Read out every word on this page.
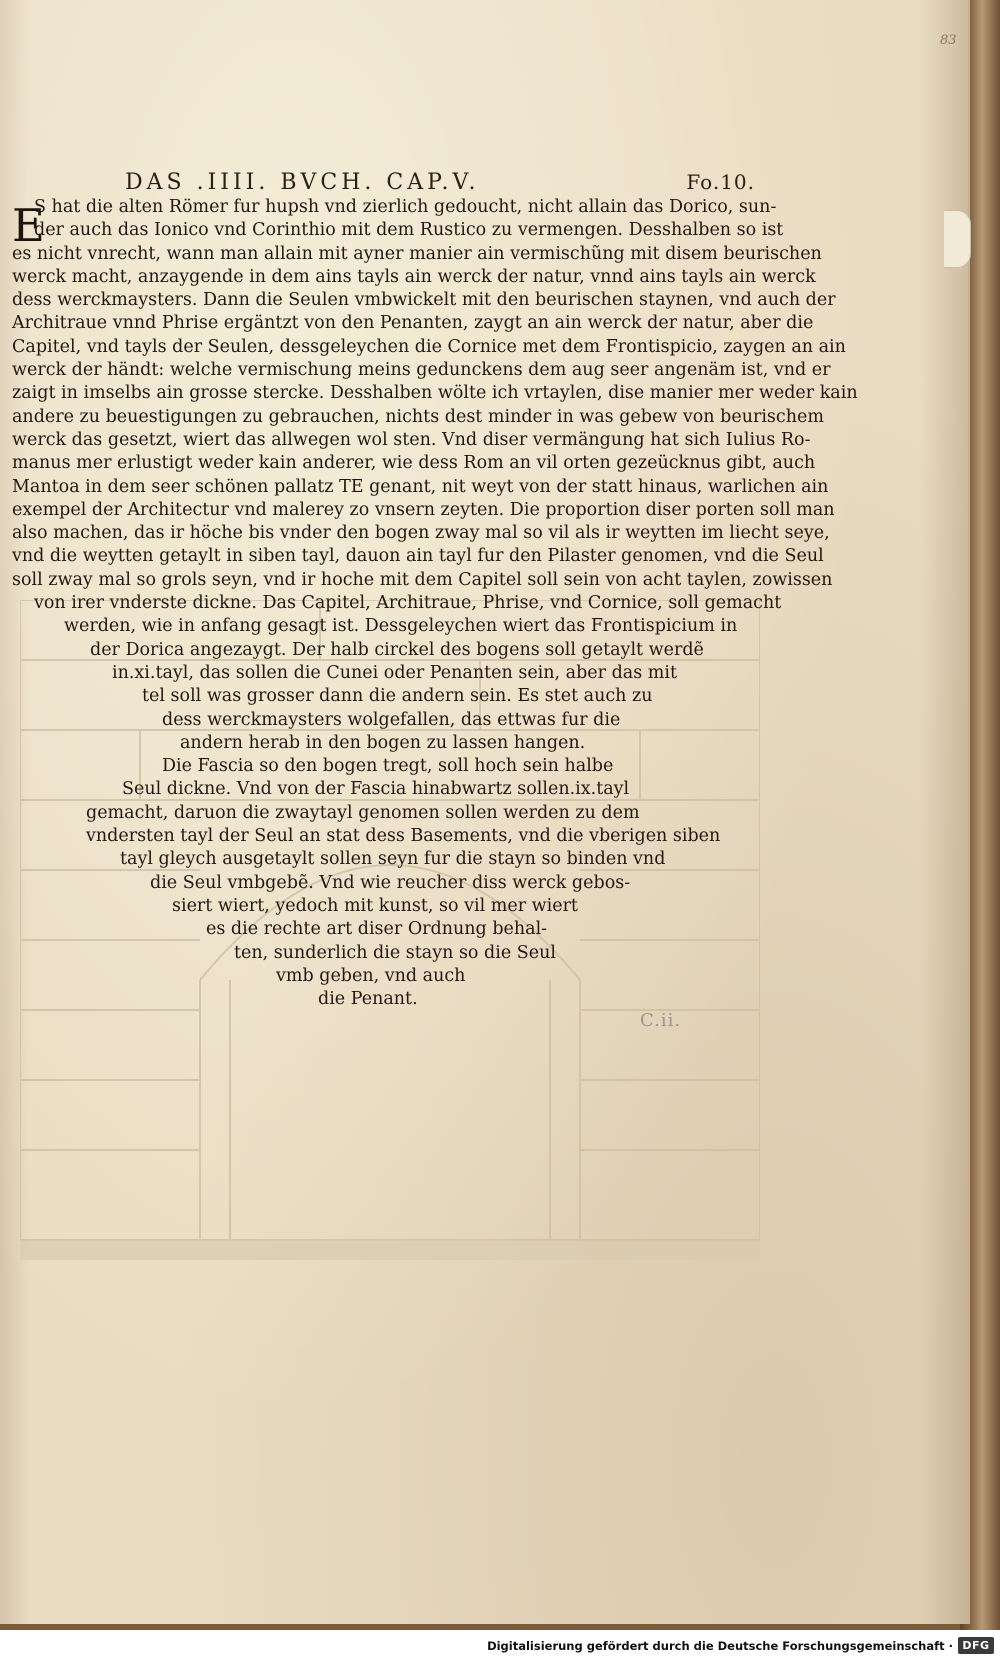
83
DAS .IIII. BVCH. CAP.V.	Fo.10.
E
S hat die alten Römer fur hupsh vnd zierlich gedoucht, nicht allain das Dorico, sun-
der auch das Ionico vnd Corinthio mit dem Rustico zu vermengen. Desshalben so ist
es nicht vnrecht, wann man allain mit ayner manier ain vermischũng mit disem beurischen
werck macht, anzaygende in dem ains tayls ain werck der natur, vnnd ains tayls ain werck
dess werckmaysters. Dann die Seulen vmbwickelt mit den beurischen staynen, vnd auch der
Architraue vnnd Phrise ergäntzt von den Penanten, zaygt an ain werck der natur, aber die
Capitel, vnd tayls der Seulen, dessgeleychen die Cornice met dem Frontispicio, zaygen an ain
werck der händt: welche vermischung meins gedunckens dem aug seer angenäm ist, vnd er
zaigt in imselbs ain grosse stercke. Desshalben wölte ich vrtaylen, dise manier mer weder kain
andere zu beuestigungen zu gebrauchen, nichts dest minder in was gebew von beurischem
werck das gesetzt, wiert das allwegen wol sten. Vnd diser vermängung hat sich Iulius Ro-
manus mer erlustigt weder kain anderer, wie dess Rom an vil orten gezeücknus gibt, auch
Mantoa in dem seer schönen pallatz TE genant, nit weyt von der statt hinaus, warlichen ain
exempel der Architectur vnd malerey zo vnsern zeyten. Die proportion diser porten soll man
also machen, das ir höche bis vnder den bogen zway mal so vil als ir weytten im liecht seye,
vnd die weytten getaylt in siben tayl, dauon ain tayl fur den Pilaster genomen, vnd die Seul
soll zway mal so grols seyn, vnd ir hoche mit dem Capitel soll sein von acht taylen, zowissen
von irer vnderste dickne. Das Capitel, Architraue, Phrise, vnd Cornice, soll gemacht
werden, wie in anfang gesagt ist. Dessgeleychen wiert das Frontispicium in
der Dorica angezaygt. Der halb circkel des bogens soll getaylt werdẽ
in.xi.tayl, das sollen die Cunei oder Penanten sein, aber das mit
tel soll was grosser dann die andern sein. Es stet auch zu
dess werckmaysters wolgefallen, das ettwas fur die
andern herab in den bogen zu lassen hangen.
Die Fascia so den bogen tregt, soll hoch sein halbe
Seul dickne. Vnd von der Fascia hinabwartz sollen.ix.tayl
gemacht, daruon die zwaytayl genomen sollen werden zu dem
vndersten tayl der Seul an stat dess Basements, vnd die vberigen siben
tayl gleych ausgetaylt sollen seyn fur die stayn so binden vnd
die Seul vmbgebẽ. Vnd wie reucher diss werck gebos-
siert wiert, yedoch mit kunst, so vil mer wiert
es die rechte art diser Ordnung behal-
ten, sunderlich die stayn so die Seul
vmb geben, vnd auch
die Penant.
C.ii.
Digitalisierung gefördert durch die Deutsche Forschungsgemeinschaft · DFG
